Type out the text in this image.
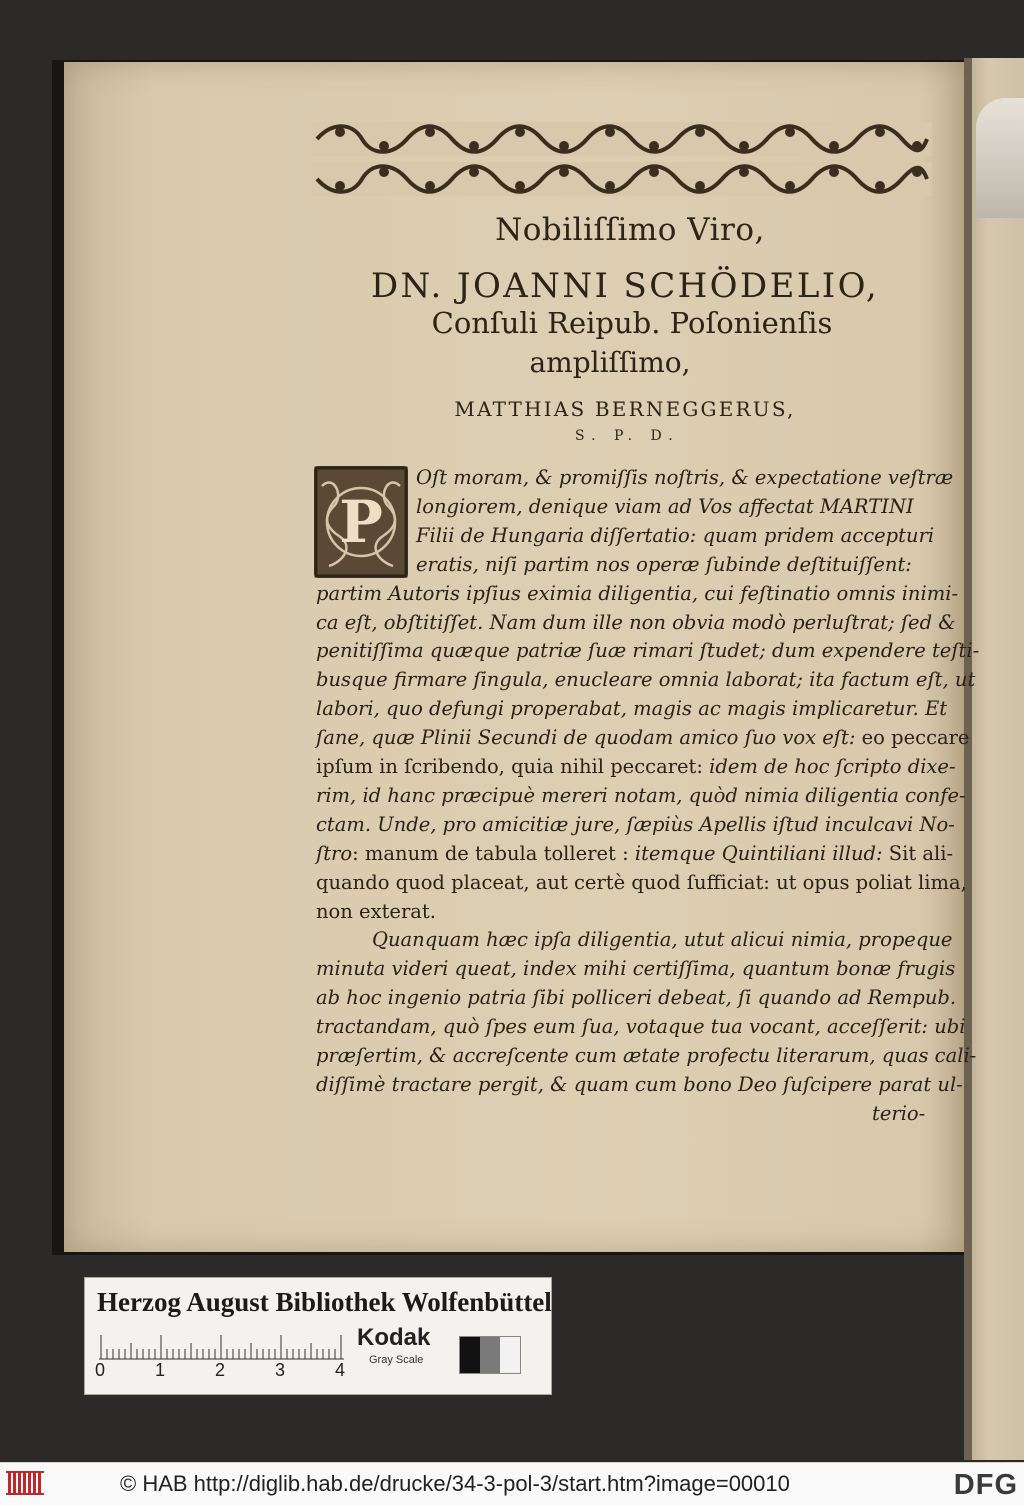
Nobiliſſimo Viro,
DN. JOANNI SCHÖDELIO,
Conſuli Reipub. Poſonienſis
ampliſſimo,
MATTHIAS BERNEGGERUS,
S. P. D.
P
Oſt moram, & promiſſis noſtris, & expectatione veſtræ
longiorem, denique viam ad Vos affectat MARTINI
Filii de Hungaria diſſertatio: quam pridem accepturi
eratis, niſi partim nos operæ ſubinde deſtituiſſent:
partim Autoris ipſius eximia diligentia, cui feſtinatio omnis inimi-
ca eſt, obſtitiſſet. Nam dum ille non obvia modò perluſtrat; ſed &
penitiſſima quæque patriæ ſuæ rimari ſtudet; dum expendere teſti-
busque firmare ſingula, enucleare omnia laborat; ita factum eſt, ut
labori, quo defungi properabat, magis ac magis implicaretur. Et
ſane, quæ Plinii Secundi de quodam amico ſuo vox eſt: eo peccare
ipſum in ſcribendo, quia nihil peccaret: idem de hoc ſcripto dixe-
rim, id hanc præcipuè mereri notam, quòd nimia diligentia confe-
ctam. Unde, pro amicitiæ jure, ſæpiùs Apellis iſtud inculcavi No-
ſtro: manum de tabula tolleret : itemque Quintiliani illud: Sit ali-
quando quod placeat, aut certè quod ſufficiat: ut opus poliat lima,
non exterat.
Quanquam hæc ipſa diligentia, utut alicui nimia, propeque
minuta videri queat, index mihi certiſſima, quantum bonæ frugis
ab hoc ingenio patria ſibi polliceri debeat, ſi quando ad Rempub.
tractandam, quò ſpes eum ſua, votaque tua vocant, acceſſerit: ubi
præſertim, & accreſcente cum ætate profectu literarum, quas cali-
diſſimè tractare pergit, & quam cum bono Deo ſuſcipere parat ul-
terio-
Herzog August Bibliothek Wolfenbüttel
0	1	2	3	4
Kodak
Gray Scale
© HAB http://diglib.hab.de/drucke/34-3-pol-3/start.htm?image=00010	DFG
